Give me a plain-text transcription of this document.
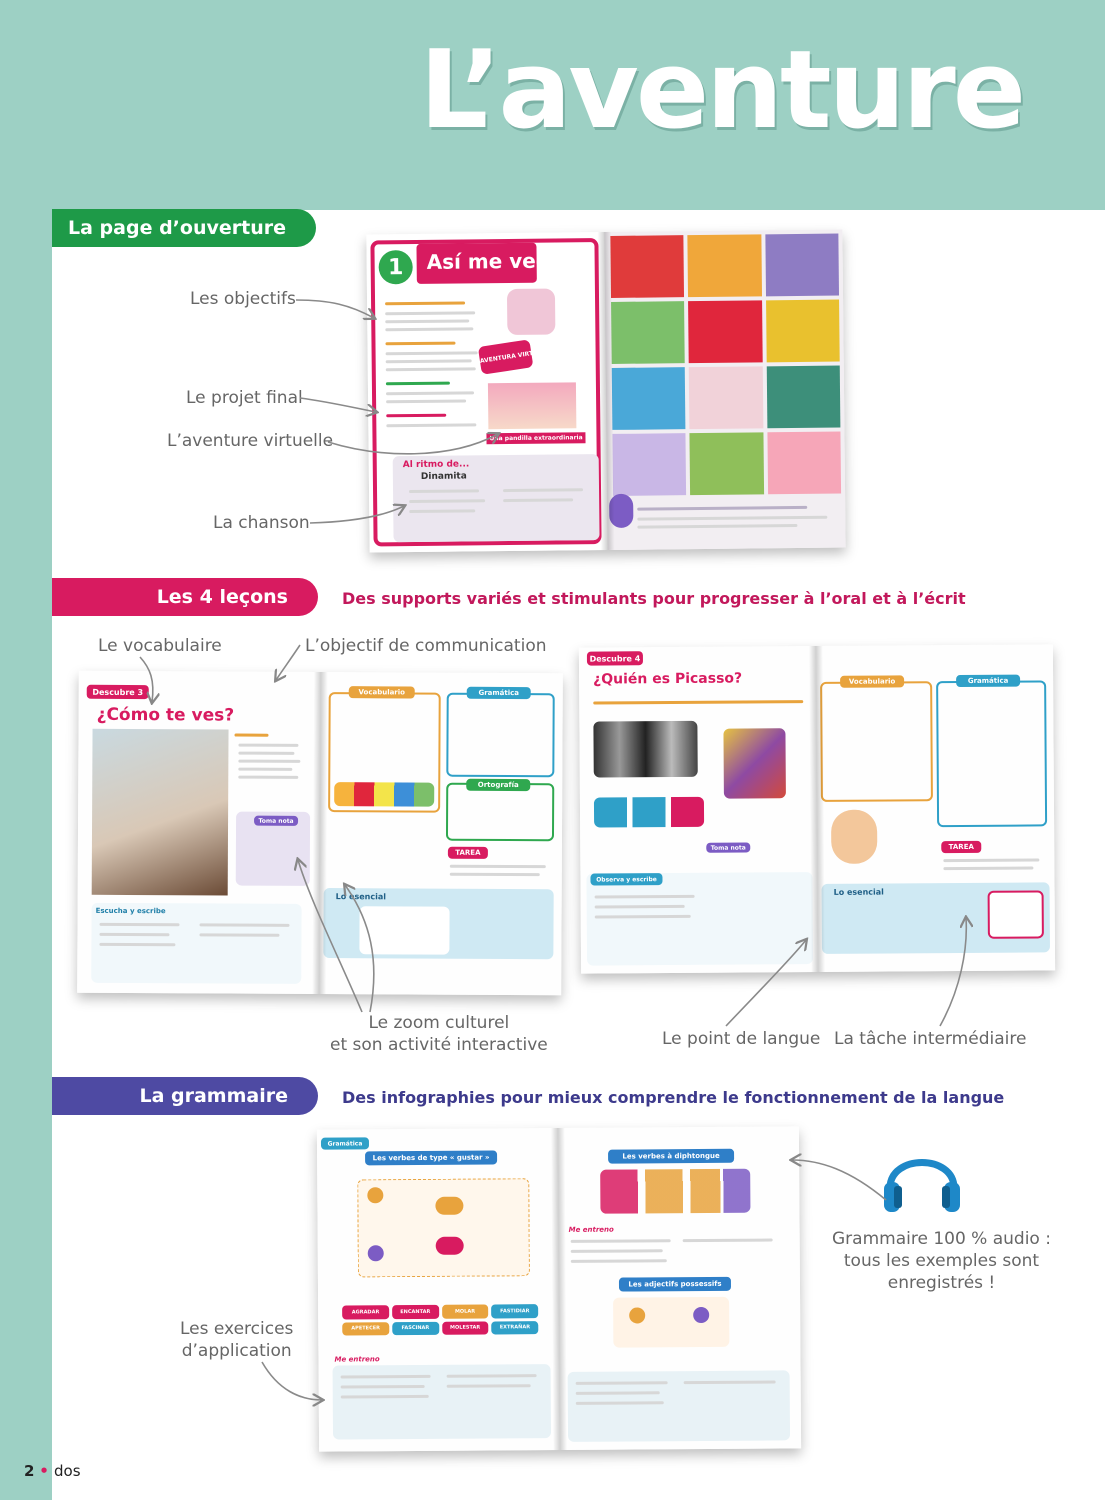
L’aventure
La page d’ouverture
Les objectifs
Le projet final
L’aventure virtuelle
La chanson
1 Así me veo
AVENTURA VIRTUAL
Una pandilla extraordinaria
Al ritmo de...
Dinamita
Les 4 leçons	Des supports variés et stimulants pour progresser à l’oral et à l’écrit
Le vocabulaire	L’objectif de communication
Descubre 3
¿Cómo te ves?
Toma nota
Escucha y escribe
Vocabulario	Gramática
Ortografía
TAREA
Lo esencial
Descubre 4
¿Quién es Picasso?
Toma nota
Observa y escribe
Vocabulario	Gramática
TAREA
Lo esencial
Le zoom culturel
et son activité interactive	Le point de langue La tâche intermédiaire
La grammaire	Des infographies pour mieux comprendre le fonctionnement de la langue
Gramática
Les verbes de type « gustar »
AGRADAR	ENCANTAR	MOLAR	FASTIDIAR
APETECER	FASCINAR	MOLESTAR	EXTRAÑAR
Me entreno
Les verbes à diphtongue
Me entreno
Les adjectifs possessifs
Grammaire 100 % audio :
tous les exemples sont
enregistrés !
Les exercices
d’application
2 • dos
